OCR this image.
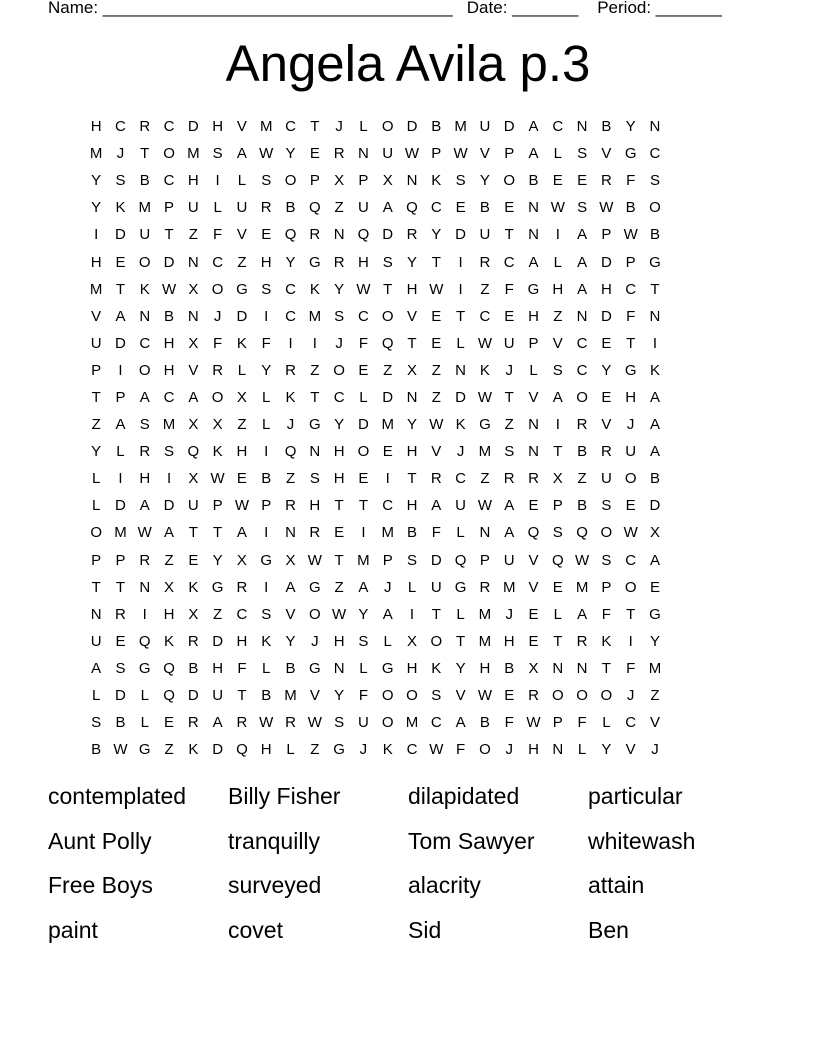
Name: _____________________________________   Date: _______    Period: _______
Angela Avila p.3
H C R C D H V M C T	J	L O D B M U D A C N B Y N
M J	T O M S A W Y E R N U W P W V P A	L	S V G C
Y S B C H	I	L	S O P X P X N K S Y O B E E R F S
Y K M P U L U R B Q Z U A Q C E B E N W S W B O
I	D U T	Z	F V E Q R N Q D R Y D U T N	I	A P W B
H E O D N C Z H Y G R H S Y T	I	R C A	L	A D P G
M T K W X O G S C K Y W T H W	I	Z	F G H A H C T
V A N B N	J	D	I	C M S C O V E T C E H Z N D F N
U D C H X F K F	I	I	J	F Q T E	L W U P V C E T	I
P	I	O H V R L	Y R Z O E Z X Z N K	J	L	S C Y G K
T P A C A O X	L	K T C L D N Z D W T V A O E H A
Z A S M X X Z	L	J G Y D M Y W K G Z N	I	R V	J	A
Y	L R S Q K H	I	Q N H O E H V	J M S N T B R U A
L	I	H	I	X W E B Z S H E	I	T R C Z R R X Z U O B
L D A D U P W P R H T	T C H A U W A E P B S E D
O M W A T	T A	I	N R E	I	M B F	L N A Q S Q O W X
P P R Z E Y X G X W T M P S D Q P U V Q W S C A
T	T N X K G R	I	A G Z A	J	L U G R M V E M P O E
N R	I	H X Z C S V O W Y A	I	T	L M J	E	L	A F	T G
U E Q K R D H K Y	J	H S	L	X O T M H E T R K	I	Y
A S G Q B H F	L	B G N L G H K Y H B X N N T	F M
L D L Q D U T B M V Y F O O S V W E R O O O J	Z
S B	L	E R A R W R W S U O M C A B F W P F	L C V
B W G Z K D Q H L	Z G J	K C W F O J	H N L	Y V	J
contemplated	Billy Fisher	dilapidated	particular
Aunt Polly	tranquilly	Tom Sawyer	whitewash
Free Boys	surveyed	alacrity	attain
paint	covet	Sid	Ben
